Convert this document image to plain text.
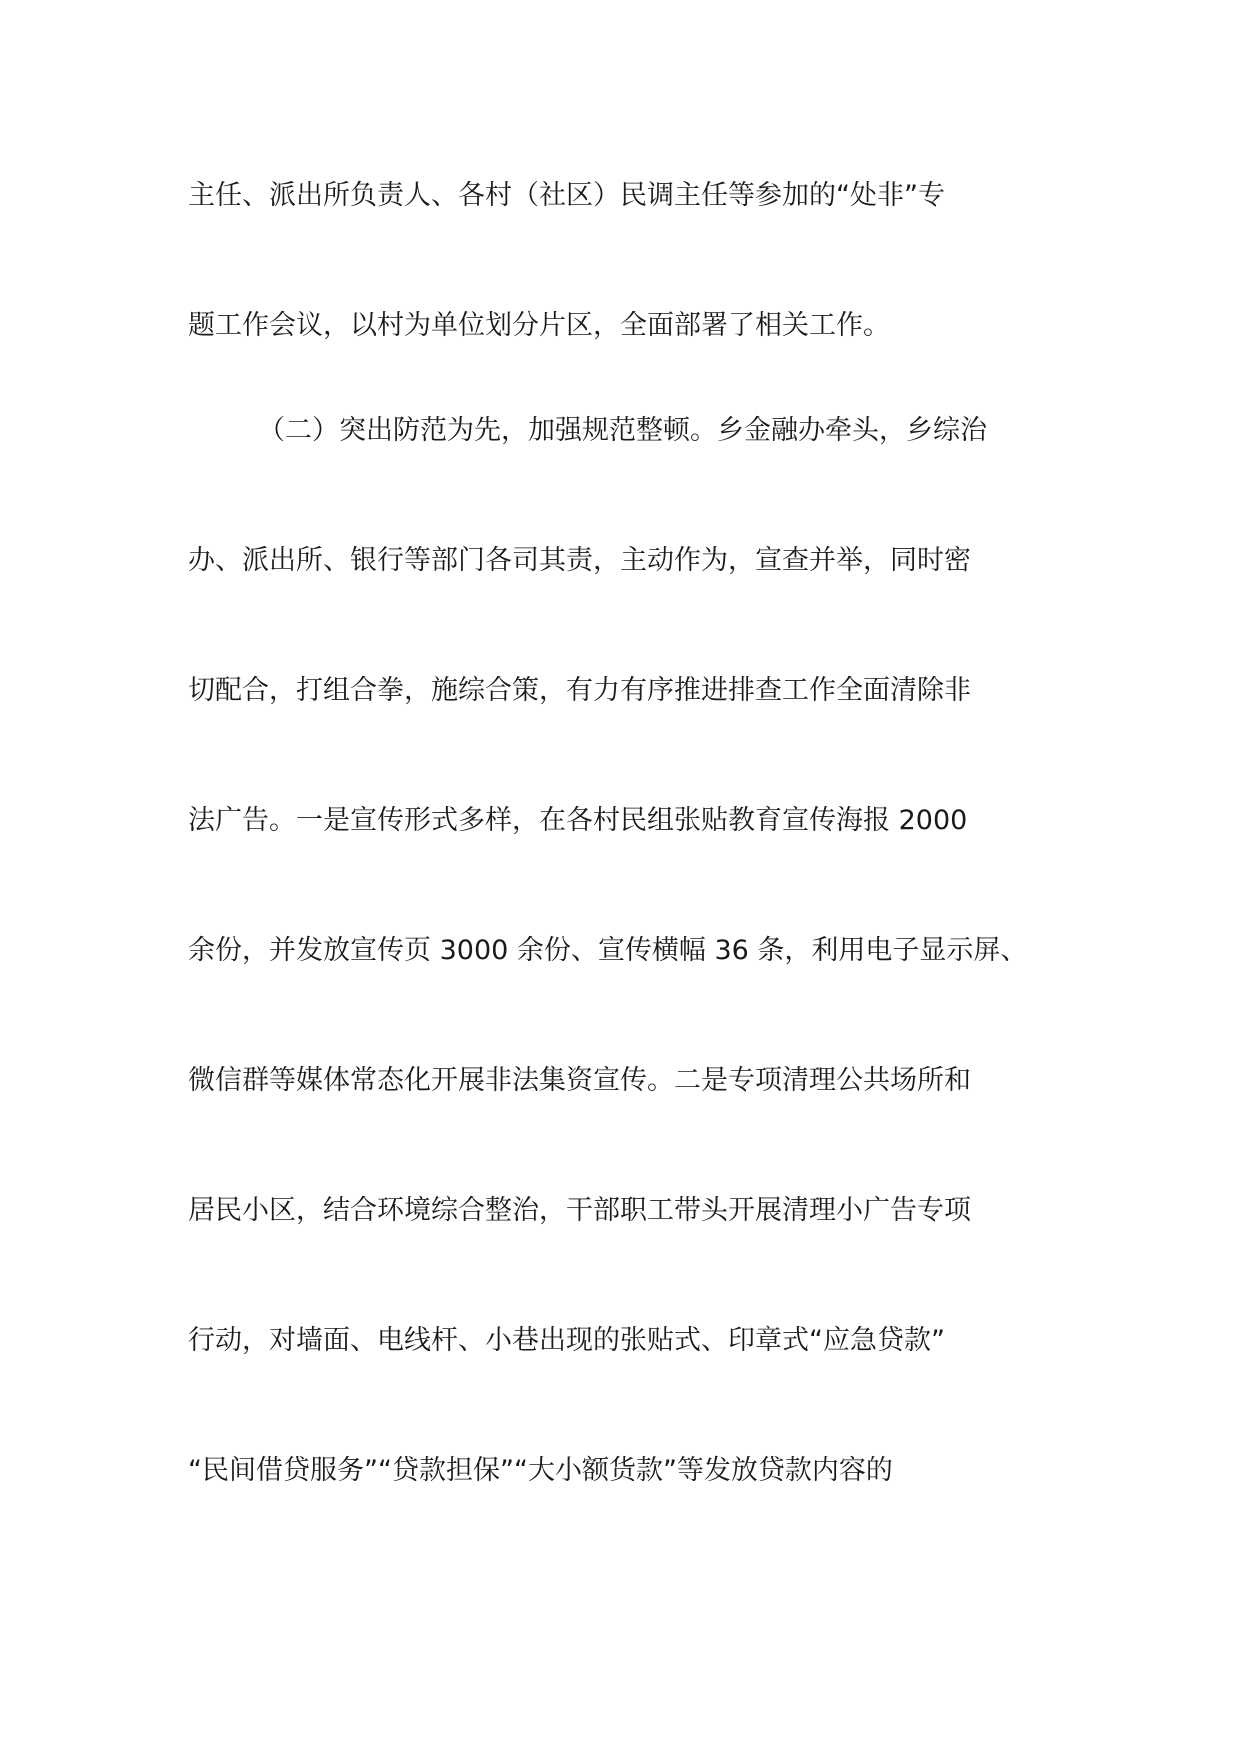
主任、派出所负责人、各村（社区）民调主任等参加的“处非”专
题工作会议，以村为单位划分片区，全面部署了相关工作。
（二）突出防范为先，加强规范整顿。乡金融办牵头，乡综治
办、派出所、银行等部门各司其责，主动作为，宣查并举，同时密
切配合，打组合拳，施综合策，有力有序推进排查工作全面清除非
法广告。一是宣传形式多样，在各村民组张贴教育宣传海报 2000
余份，并发放宣传页 3000 余份、宣传横幅 36 条，利用电子显示屏、
微信群等媒体常态化开展非法集资宣传。二是专项清理公共场所和
居民小区，结合环境综合整治，干部职工带头开展清理小广告专项
行动，对墙面、电线杆、小巷出现的张贴式、印章式“应急贷款”
“民间借贷服务”“贷款担保”“大小额货款”等发放贷款内容的
